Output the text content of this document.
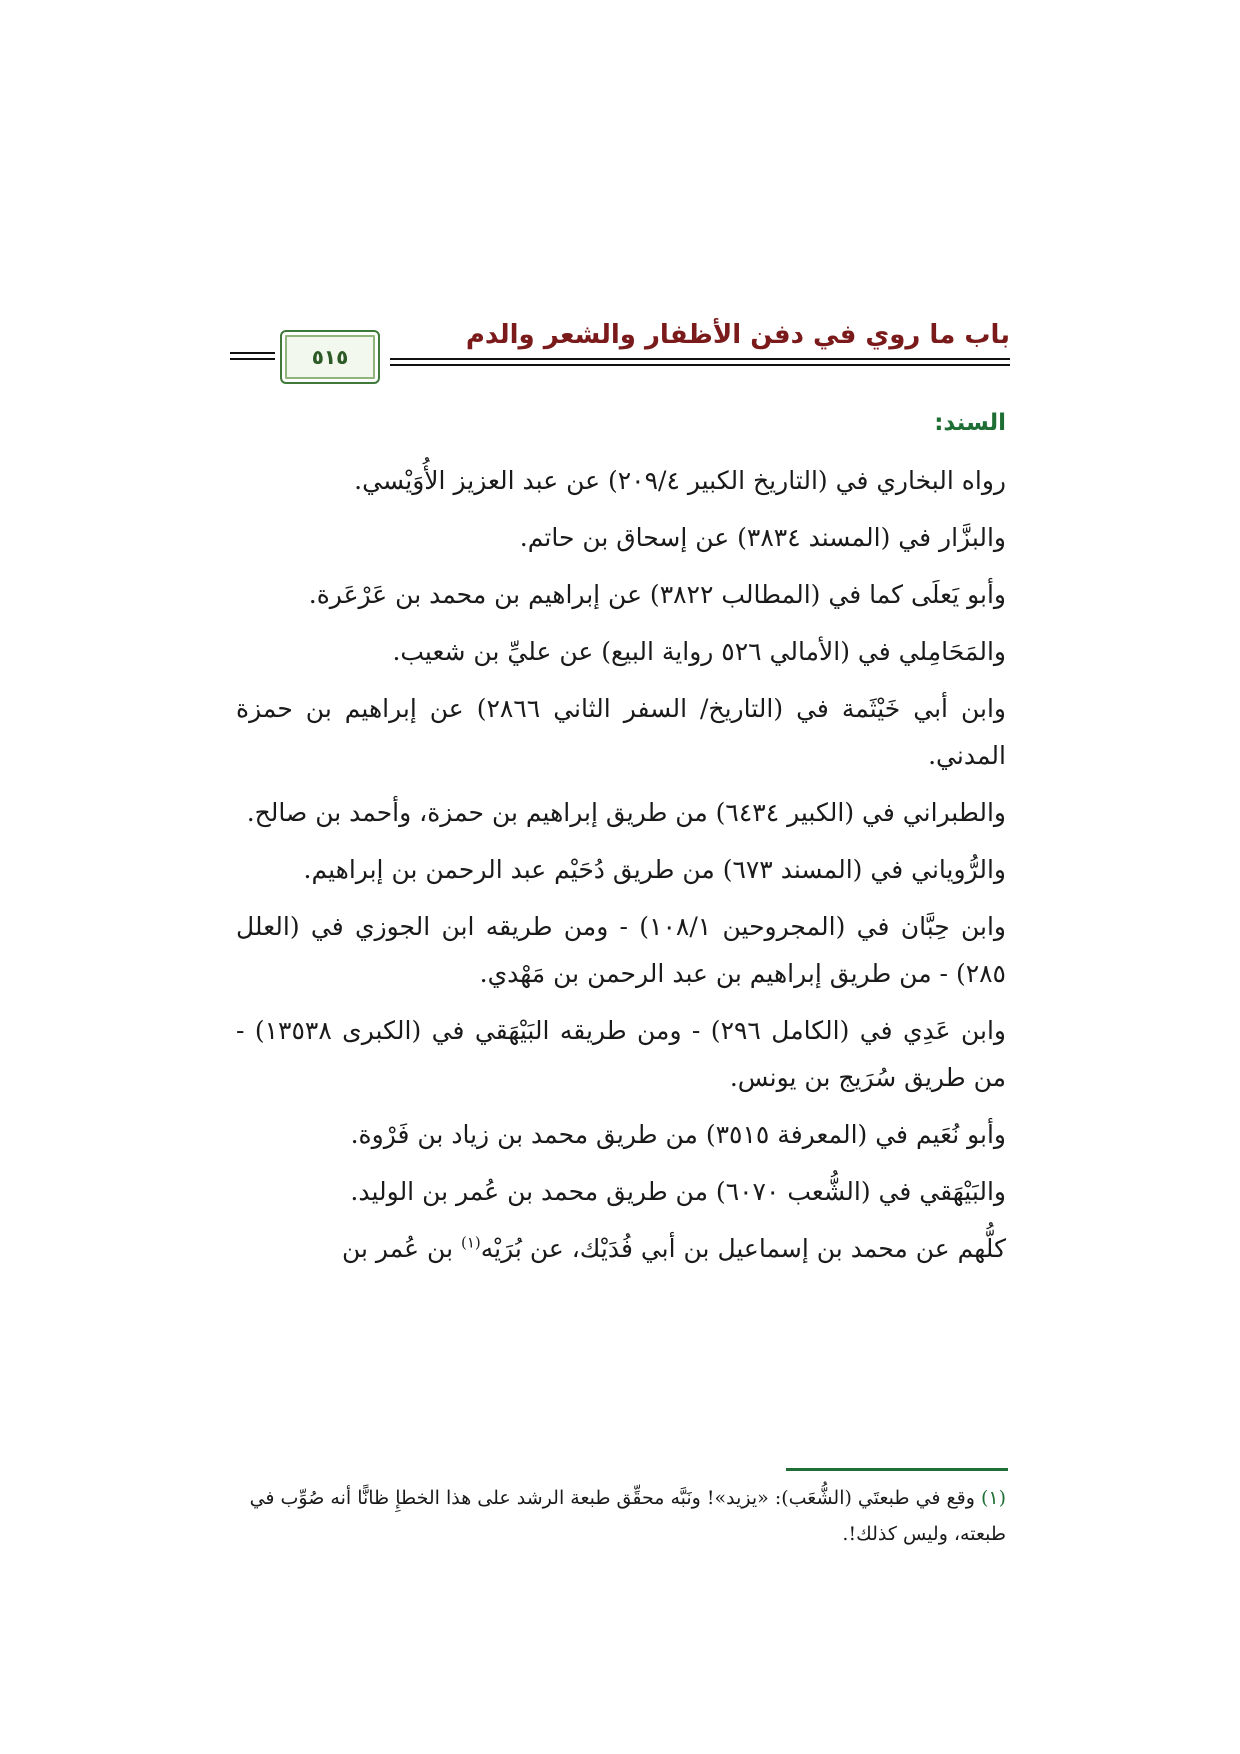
باب ما روي في دفن الأظفار والشعر والدم
٥١٥
السند:

رواه البخاري في (التاريخ الكبير ٢٠٩/٤) عن عبد العزيز الأُوَيْسي.

والبزَّار في (المسند ٣٨٣٤) عن إسحاق بن حاتم.

وأبو يَعلَى كما في (المطالب ٣٨٢٢) عن إبراهيم بن محمد بن عَرْعَرة.

والمَحَامِلي في (الأمالي ٥٢٦ رواية البيع) عن عليِّ بن شعيب.

وابن أبي خَيْثَمة في (التاريخ/ السفر الثاني ٢٨٦٦) عن إبراهيم بن حمزة المدني.

والطبراني في (الكبير ٦٤٣٤) من طريق إبراهيم بن حمزة، وأحمد بن صالح.

والرُّوياني في (المسند ٦٧٣) من طريق دُحَيْم عبد الرحمن بن إبراهيم.

وابن حِبَّان في (المجروحين ١٠٨/١) - ومن طريقه ابن الجوزي في (العلل ٢٨٥) - من طريق إبراهيم بن عبد الرحمن بن مَهْدي.

وابن عَدِي في (الكامل ٢٩٦) - ومن طريقه البَيْهَقي في (الكبرى ١٣٥٣٨) - من طريق سُرَيج بن يونس.

وأبو نُعَيم في (المعرفة ٣٥١٥) من طريق محمد بن زياد بن فَرْوة.

والبَيْهَقي في (الشُّعب ٦٠٧٠) من طريق محمد بن عُمر بن الوليد.

كلُّهم عن محمد بن إسماعيل بن أبي فُدَيْك، عن بُرَيْه$^{(١)}$ بن عُمر بن

(١) وقع في طبعتَي (الشُّعَب): «يزيد»! ونَبَّه محقِّق طبعة الرشد على هذا الخطإِ ظانًّا أنه صُوِّب في طبعته، وليس كذلك!.
